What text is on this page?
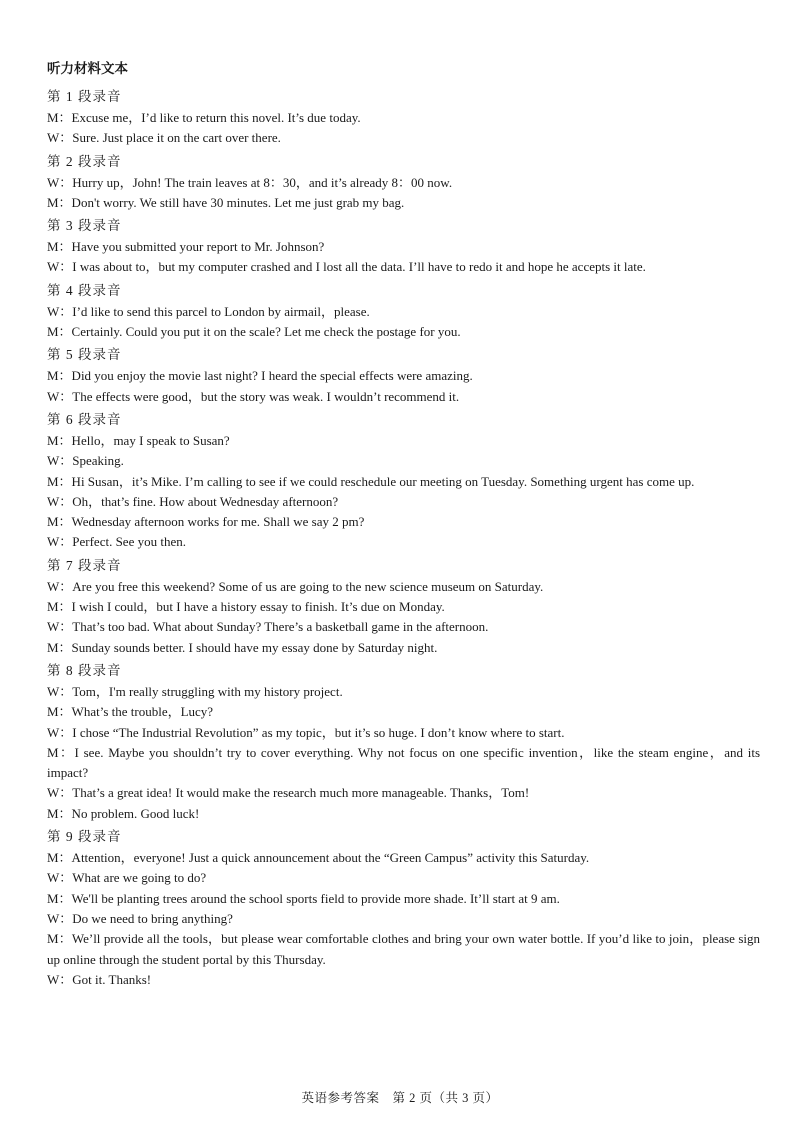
听力材料文本
第 1 段录音
M：Excuse me，I’d like to return this novel. It’s due today.
W：Sure. Just place it on the cart over there.
第 2 段录音
W：Hurry up，John! The train leaves at 8：30，and it’s already 8：00 now.
M：Don't worry. We still have 30 minutes. Let me just grab my bag.
第 3 段录音
M：Have you submitted your report to Mr. Johnson?
W：I was about to，but my computer crashed and I lost all the data. I’ll have to redo it and hope he accepts it late.
第 4 段录音
W：I’d like to send this parcel to London by airmail，please.
M：Certainly. Could you put it on the scale? Let me check the postage for you.
第 5 段录音
M：Did you enjoy the movie last night? I heard the special effects were amazing.
W：The effects were good，but the story was weak. I wouldn’t recommend it.
第 6 段录音
M：Hello，may I speak to Susan?
W：Speaking.
M：Hi Susan，it’s Mike. I’m calling to see if we could reschedule our meeting on Tuesday. Something urgent has come up.
W：Oh，that’s fine. How about Wednesday afternoon?
M：Wednesday afternoon works for me. Shall we say 2 pm?
W：Perfect. See you then.
第 7 段录音
W：Are you free this weekend? Some of us are going to the new science museum on Saturday.
M：I wish I could，but I have a history essay to finish. It’s due on Monday.
W：That’s too bad. What about Sunday? There’s a basketball game in the afternoon.
M：Sunday sounds better. I should have my essay done by Saturday night.
第 8 段录音
W：Tom，I'm really struggling with my history project.
M：What’s the trouble，Lucy?
W：I chose “The Industrial Revolution” as my topic，but it’s so huge. I don’t know where to start.
M：I see. Maybe you shouldn’t try to cover everything. Why not focus on one specific invention，like the steam engine，and its impact?
W：That’s a great idea! It would make the research much more manageable. Thanks，Tom!
M：No problem. Good luck!
第 9 段录音
M：Attention，everyone! Just a quick announcement about the “Green Campus” activity this Saturday.
W：What are we going to do?
M：We'll be planting trees around the school sports field to provide more shade. It’ll start at 9 am.
W：Do we need to bring anything?
M：We’ll provide all the tools，but please wear comfortable clothes and bring your own water bottle. If you’d like to join，please sign up online through the student portal by this Thursday.
W：Got it. Thanks!
英语参考答案　第 2 页（共 3 页）
